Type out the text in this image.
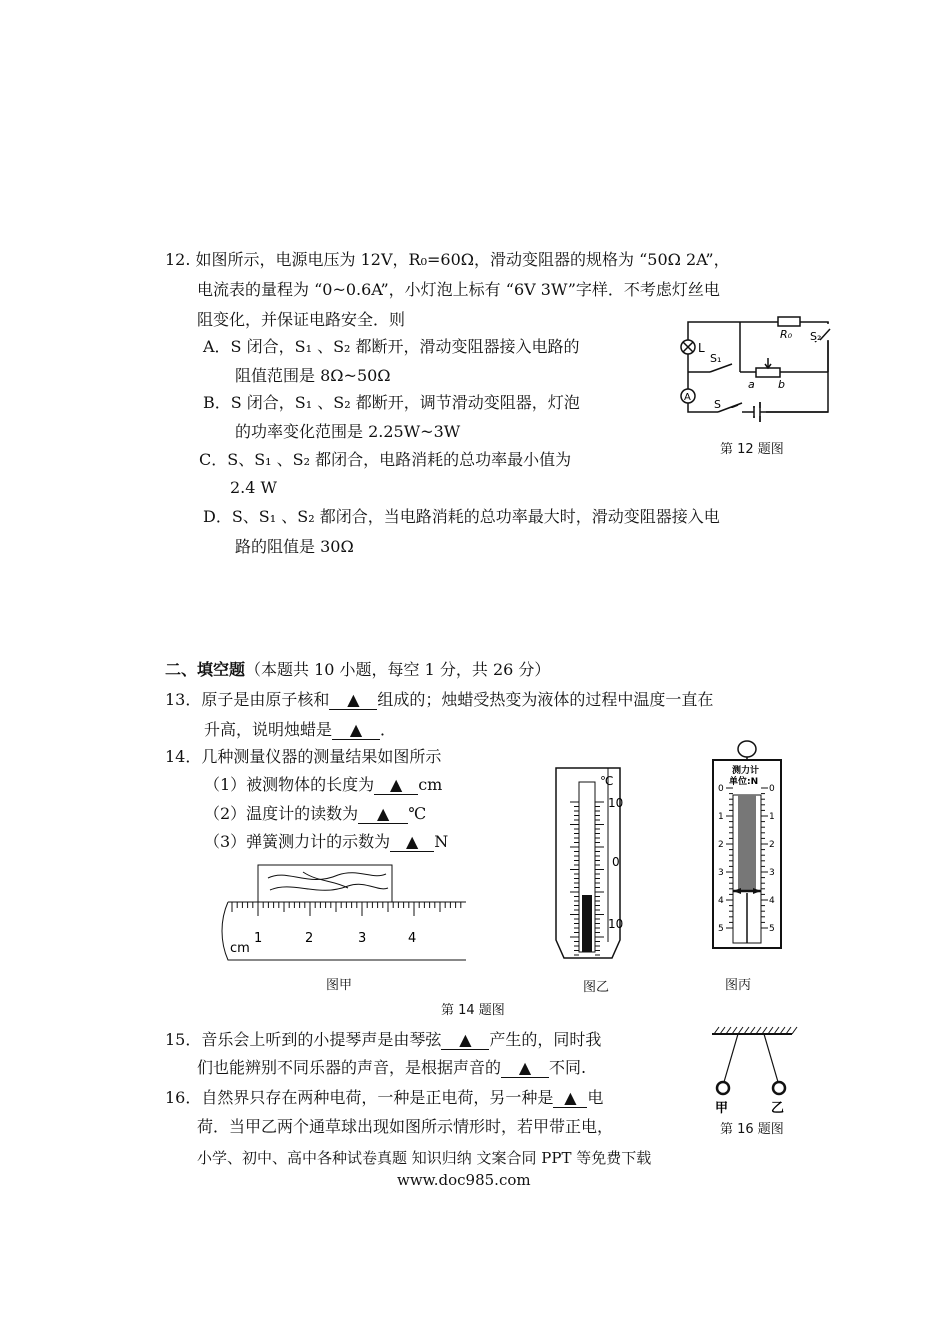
12. 如图所示，电源电压为 12V，R₀=60Ω，滑动变阻器的规格为 “50Ω 2A”，
电流表的量程为 “0~0.6A”，小灯泡上标有 “6V 3W”字样．不考虑灯丝电
阻变化，并保证电路安全．则
A．S 闭合，S₁ 、S₂ 都断开，滑动变阻器接入电路的
阻值范围是 8Ω~50Ω
B．S 闭合，S₁ 、S₂ 都断开，调节滑动变阻器，灯泡
的功率变化范围是 2.25W~3W
C．S、S₁ 、S₂ 都闭合，电路消耗的总功率最小值为
2.4 W
D．S、S₁ 、S₂ 都闭合，当电路消耗的总功率最大时，滑动变阻器接入电
路的阻值是 30Ω
L
S₁
R₀ S₂
a b
A
S
第 12 题图
二、填空题（本题共 10 小题，每空 1 分，共 26 分）
13．原子是由原子核和 ▲ 组成的；烛蜡受热变为液体的过程中温度一直在
升高，说明烛蜡是 ▲ ．
14．几种测量仪器的测量结果如图所示
（1）被测物体的长度为 ▲ cm
（2）温度计的读数为 ▲ ℃
（3）弹簧测力计的示数为 ▲ N
cm
1	2	3	4
℃
10
0
10
测力计
单位:N
0	0
1	1
2	2
3	3
4	4
5	5
图甲	图乙	图丙
第 14 题图
15．音乐会上听到的小提琴声是由琴弦 ▲ 产生的，同时我
们也能辨别不同乐器的声音，是根据声音的 ▲ 不同.
16．自然界只存在两种电荷，一种是正电荷，另一种是 ▲ 电
荷．当甲乙两个通草球出现如图所示情形时，若甲带正电，
甲	乙
第 16 题图
小学、初中、高中各种试卷真题 知识归纳 文案合同 PPT 等免费下载
www.doc985.com
